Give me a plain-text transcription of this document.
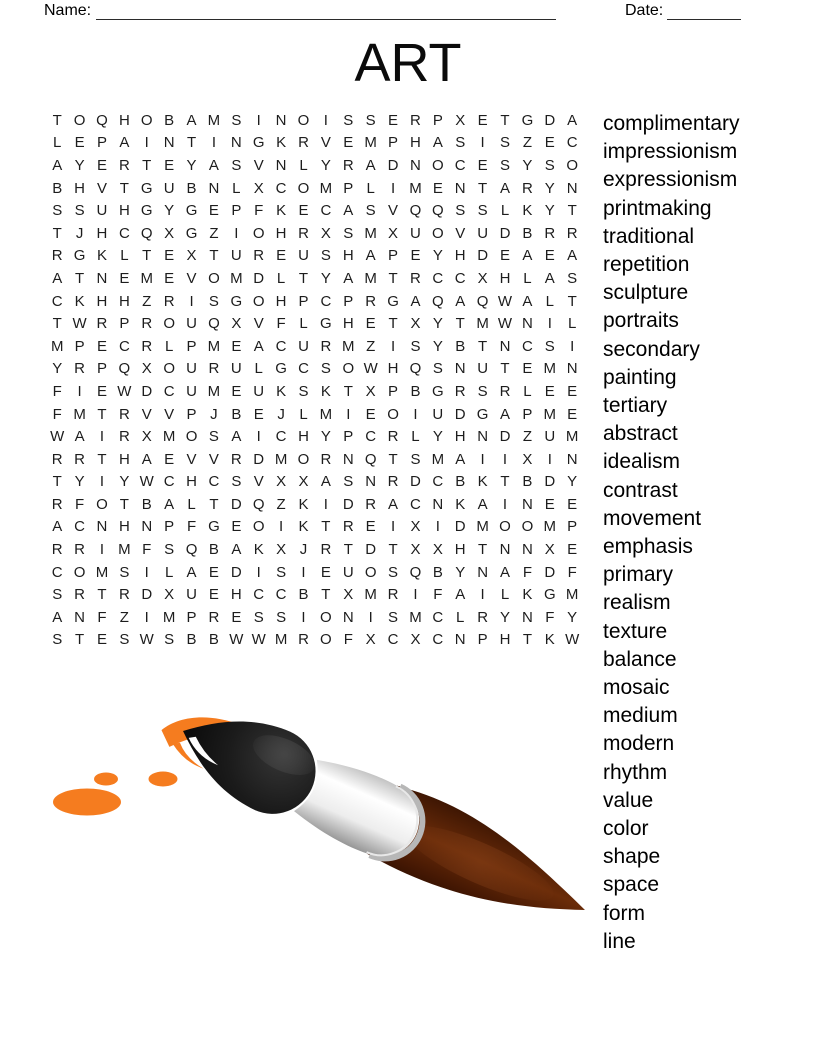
Name:	Date:
ART
T O Q H O B A M S	I N O I	S S E R P X E T G D A
L E P A	I N T	I N G K R V E M P H A S	I	S Z E C
A Y E R T E Y A S V N L Y R A D N O C E S Y S O
B H V T G U B N L X C O M P L	I M E N T A R Y N
S S U H G Y G E P F K E C A S V Q Q S S L K Y T
T J H C Q X G Z	I O H R X S M X U O V U D B R R
R G K L T E X T U R E U S H A P E Y H D E A E A
A T N E M E V O M D L T Y A M T R C C X H L A S
C K H H Z R I	S G O H P C P R G A Q A Q W A L T
T W R P R O U Q X V F L G H E T X Y T M W N I	L
M P E C R L P M E A C U R M Z	I	S Y B T N C S	I
Y R P Q X O U R U L G C S O W H Q S N U T E M N
F	I	E W D C U M E U K S K T X P B G R S R L E E
F M T R V V P J B E J L M I	E O I U D G A P M E
W A	I R X M O S A	I C H Y P C R L Y H N D Z U M
R R T H A E V V R D M O R N Q T S M A	I	I	X	I N
T Y	I	Y W C H C S V X X A S N R D C B K T B D Y
R F O T B A L T D Q Z K	I D R A C N K A	I N E E
A C N H N P F G E O I	K T R E	I	X	I D M O O M P
R R I M F S Q B A K X J R T D T X X H T N N X E
C O M S	I	L A E D I	S	I	E U O S Q B Y N A F D F
S R T R D X U E H C C B T X M R I	F A	I	L K G M
A N F Z	I M P R E S S	I O N I	S M C L R Y N F Y
S T E S W S B B W W M R O F X C X C N P H T K W
complimentary
impressionism
expressionism
printmaking
traditional
repetition
sculpture
portraits
secondary
painting
tertiary
abstract
idealism
contrast
movement
emphasis
primary
realism
texture
balance
mosaic
medium
modern
rhythm
value
color
shape
space
form
line
